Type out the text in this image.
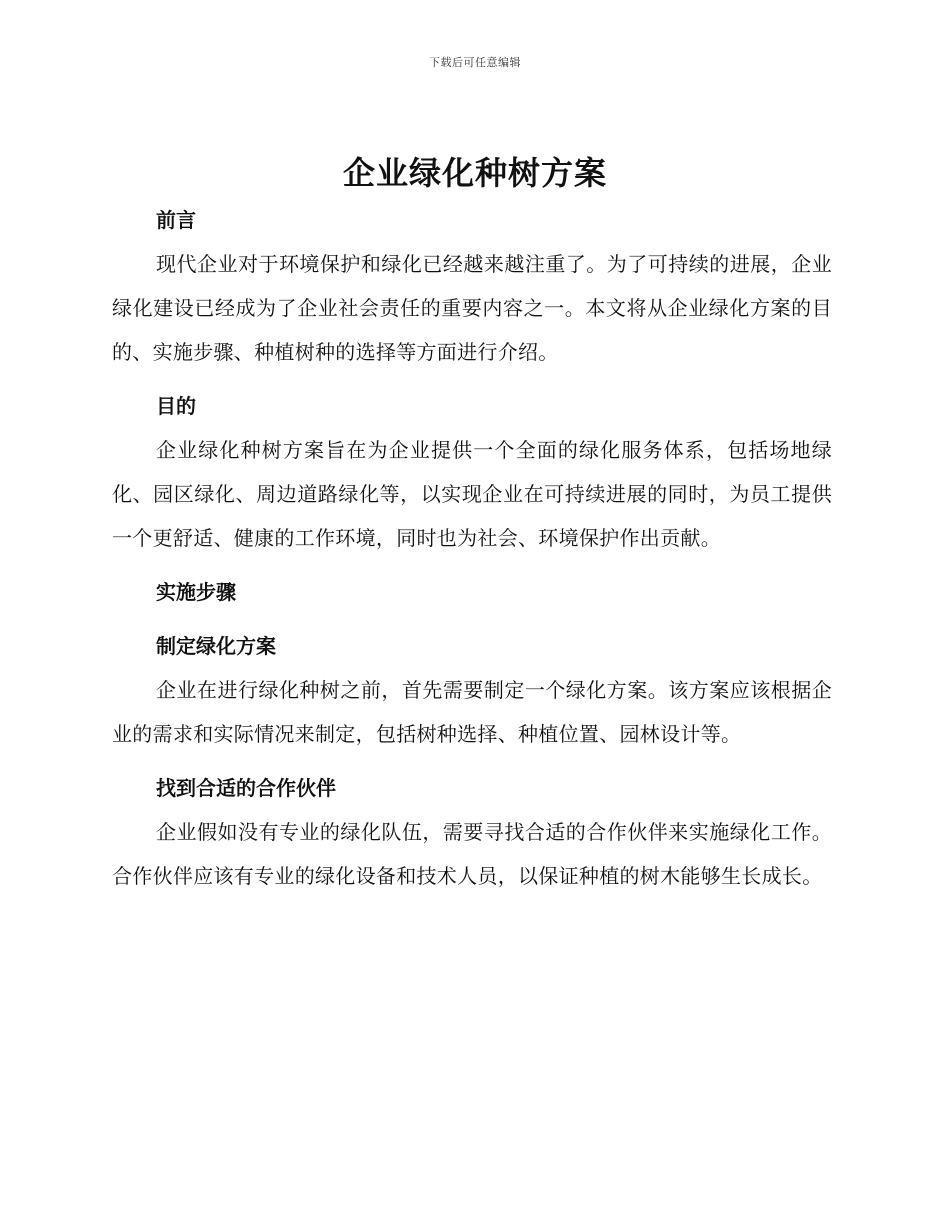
下载后可任意编辑
企业绿化种树方案
前言

现代企业对于环境保护和绿化已经越来越注重了。为了可持续的进展，企业绿化建设已经成为了企业社会责任的重要内容之一。本文将从企业绿化方案的目的、实施步骤、种植树种的选择等方面进行介绍。

目的

企业绿化种树方案旨在为企业提供一个全面的绿化服务体系，包括场地绿化、园区绿化、周边道路绿化等，以实现企业在可持续进展的同时，为员工提供一个更舒适、健康的工作环境，同时也为社会、环境保护作出贡献。

实施步骤
制定绿化方案

企业在进行绿化种树之前，首先需要制定一个绿化方案。该方案应该根据企业的需求和实际情况来制定，包括树种选择、种植位置、园林设计等。

找到合适的合作伙伴

企业假如没有专业的绿化队伍，需要寻找合适的合作伙伴来实施绿化工作。合作伙伴应该有专业的绿化设备和技术人员，以保证种植的树木能够生长成长。
